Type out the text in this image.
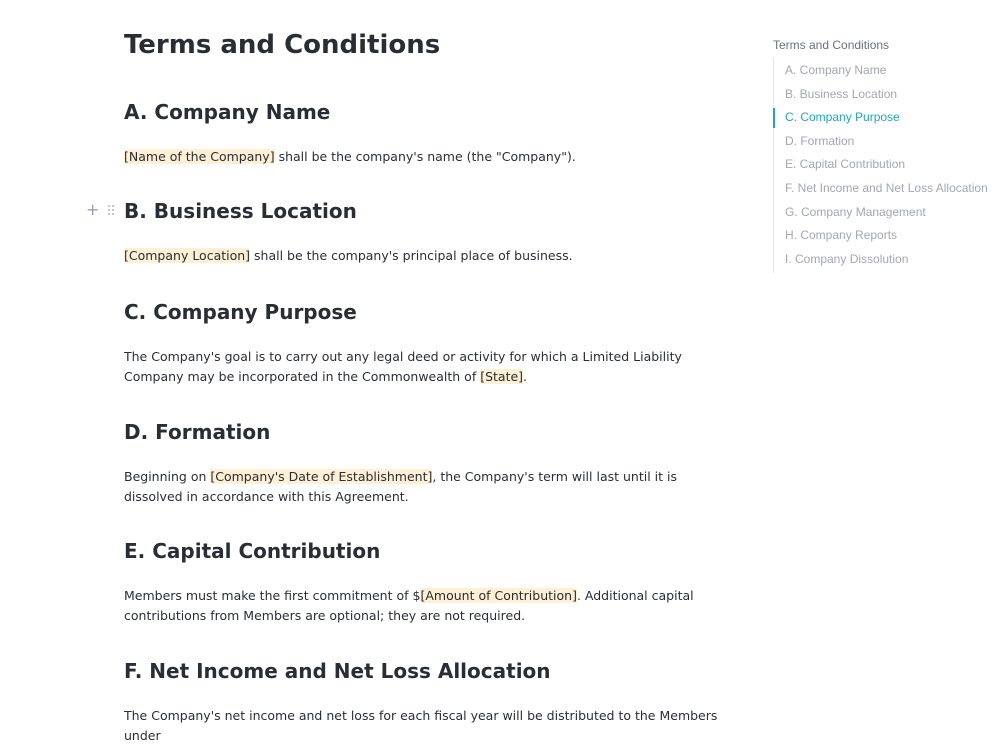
Terms and Conditions
A. Company Name

[Name of the Company] shall be the company's name (the "Company").

B. Business Location

[Company Location] shall be the company's principal place of business.

C. Company Purpose

The Company's goal is to carry out any legal deed or activity for which a Limited Liability Company may be incorporated in the Commonwealth of [State].

D. Formation

Beginning on [Company's Date of Establishment], the Company's term will last until it is dissolved in accordance with this Agreement.

E. Capital Contribution

Members must make the first commitment of $[Amount of Contribution]. Additional capital contributions from Members are optional; they are not required.

F. Net Income and Net Loss Allocation

The Company's net income and net loss for each fiscal year will be distributed to the Members under

+
Terms and Conditions
A. Company Name
B. Business Location
C. Company Purpose
D. Formation
E. Capital Contribution
F. Net Income and Net Loss Allocation
G. Company Management
H. Company Reports
I. Company Dissolution
